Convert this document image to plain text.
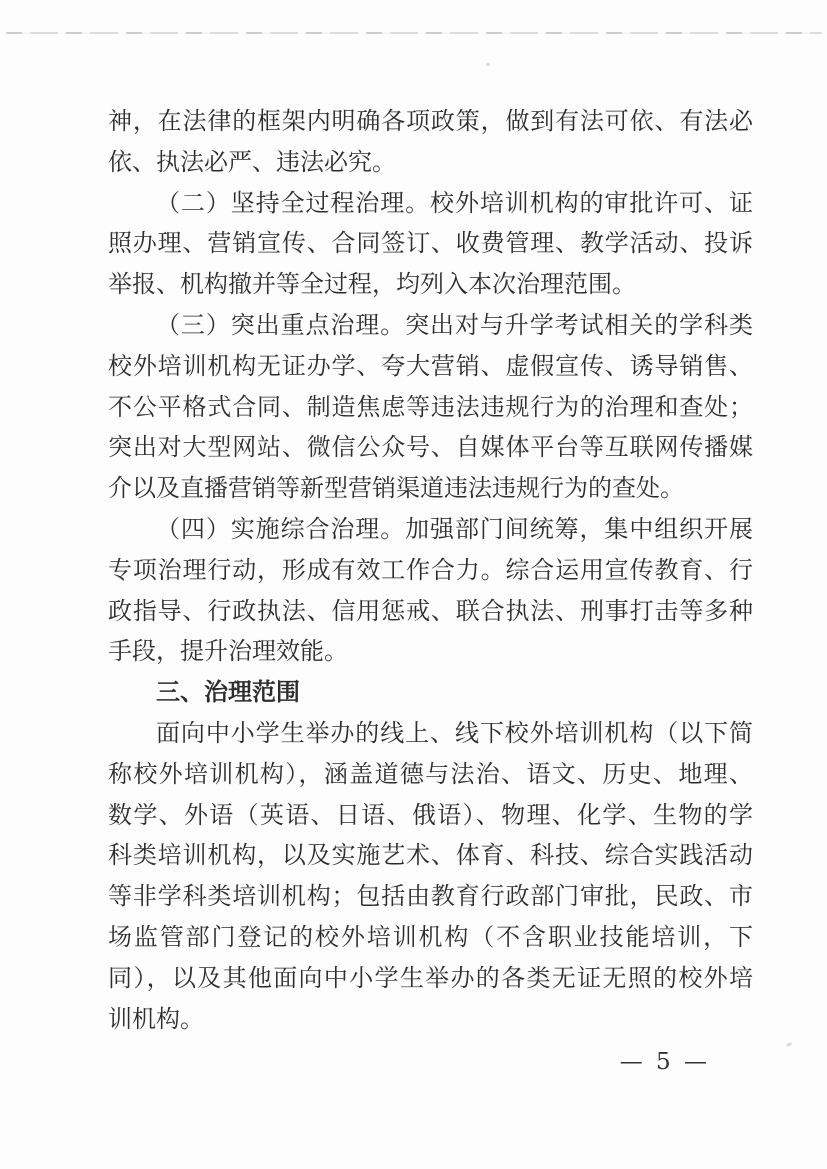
神，在法律的框架内明确各项政策，做到有法可依、有法必
依、执法必严、违法必究。
（二）坚持全过程治理。校外培训机构的审批许可、证
照办理、营销宣传、合同签订、收费管理、教学活动、投诉
举报、机构撤并等全过程，均列入本次治理范围。
（三）突出重点治理。突出对与升学考试相关的学科类
校外培训机构无证办学、夸大营销、虚假宣传、诱导销售、
不公平格式合同、制造焦虑等违法违规行为的治理和查处；
突出对大型网站、微信公众号、自媒体平台等互联网传播媒
介以及直播营销等新型营销渠道违法违规行为的查处。
（四）实施综合治理。加强部门间统筹，集中组织开展
专项治理行动，形成有效工作合力。综合运用宣传教育、行
政指导、行政执法、信用惩戒、联合执法、刑事打击等多种
手段，提升治理效能。
三、治理范围
面向中小学生举办的线上、线下校外培训机构（以下简
称校外培训机构），涵盖道德与法治、语文、历史、地理、
数学、外语（英语、日语、俄语）、物理、化学、生物的学
科类培训机构，以及实施艺术、体育、科技、综合实践活动
等非学科类培训机构；包括由教育行政部门审批，民政、市
场监管部门登记的校外培训机构（不含职业技能培训，下
同），以及其他面向中小学生举办的各类无证无照的校外培
训机构。
— 5 —
